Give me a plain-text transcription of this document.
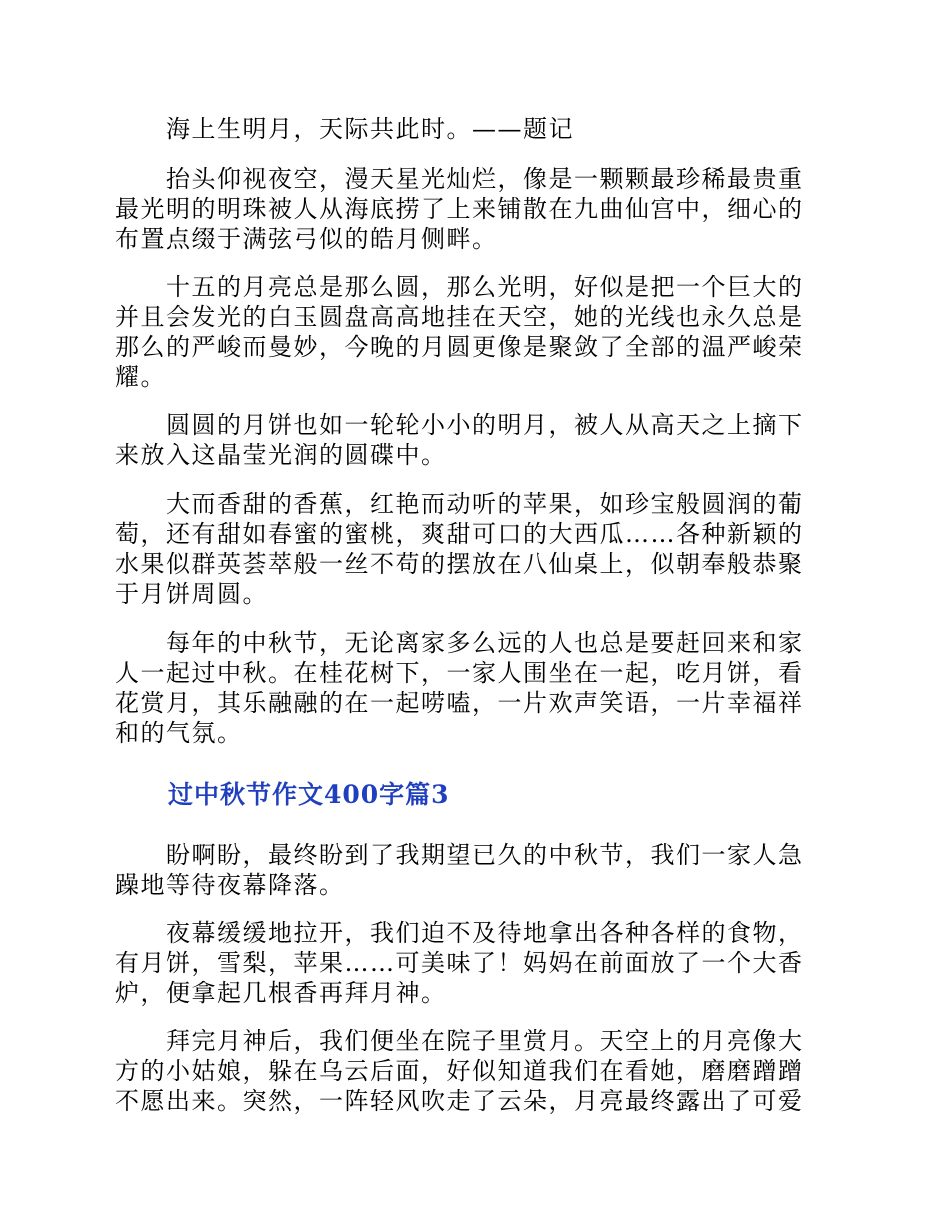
　　海上生明月，天际共此时。——题记

　　抬头仰视夜空，漫天星光灿烂，像是一颗颗最珍稀最贵重最光明的明珠被人从海底捞了上来铺散在九曲仙宫中，细心的布置点缀于满弦弓似的皓月侧畔。

　　十五的月亮总是那么圆，那么光明，好似是把一个巨大的并且会发光的白玉圆盘高高地挂在天空，她的光线也永久总是那么的严峻而曼妙，今晚的月圆更像是聚敛了全部的温严峻荣耀。

　　圆圆的月饼也如一轮轮小小的明月，被人从高天之上摘下来放入这晶莹光润的圆碟中。

　　大而香甜的香蕉，红艳而动听的苹果，如珍宝般圆润的葡萄，还有甜如春蜜的蜜桃，爽甜可口的大西瓜……各种新颖的水果似群英荟萃般一丝不苟的摆放在八仙桌上，似朝奉般恭聚于月饼周圆。

　　每年的中秋节，无论离家多么远的人也总是要赶回来和家人一起过中秋。在桂花树下，一家人围坐在一起，吃月饼，看花赏月，其乐融融的在一起唠嗑，一片欢声笑语，一片幸福祥和的气氛。

过中秋节作文400字篇3

　　盼啊盼，最终盼到了我期望已久的中秋节，我们一家人急躁地等待夜幕降落。

　　夜幕缓缓地拉开，我们迫不及待地拿出各种各样的食物，有月饼，雪梨，苹果……可美味了！妈妈在前面放了一个大香炉，便拿起几根香再拜月神。

　　拜完月神后，我们便坐在院子里赏月。天空上的月亮像大方的小姑娘，躲在乌云后面，好似知道我们在看她，磨磨蹭蹭不愿出来。突然，一阵轻风吹走了云朵，月亮最终露出了可爱
